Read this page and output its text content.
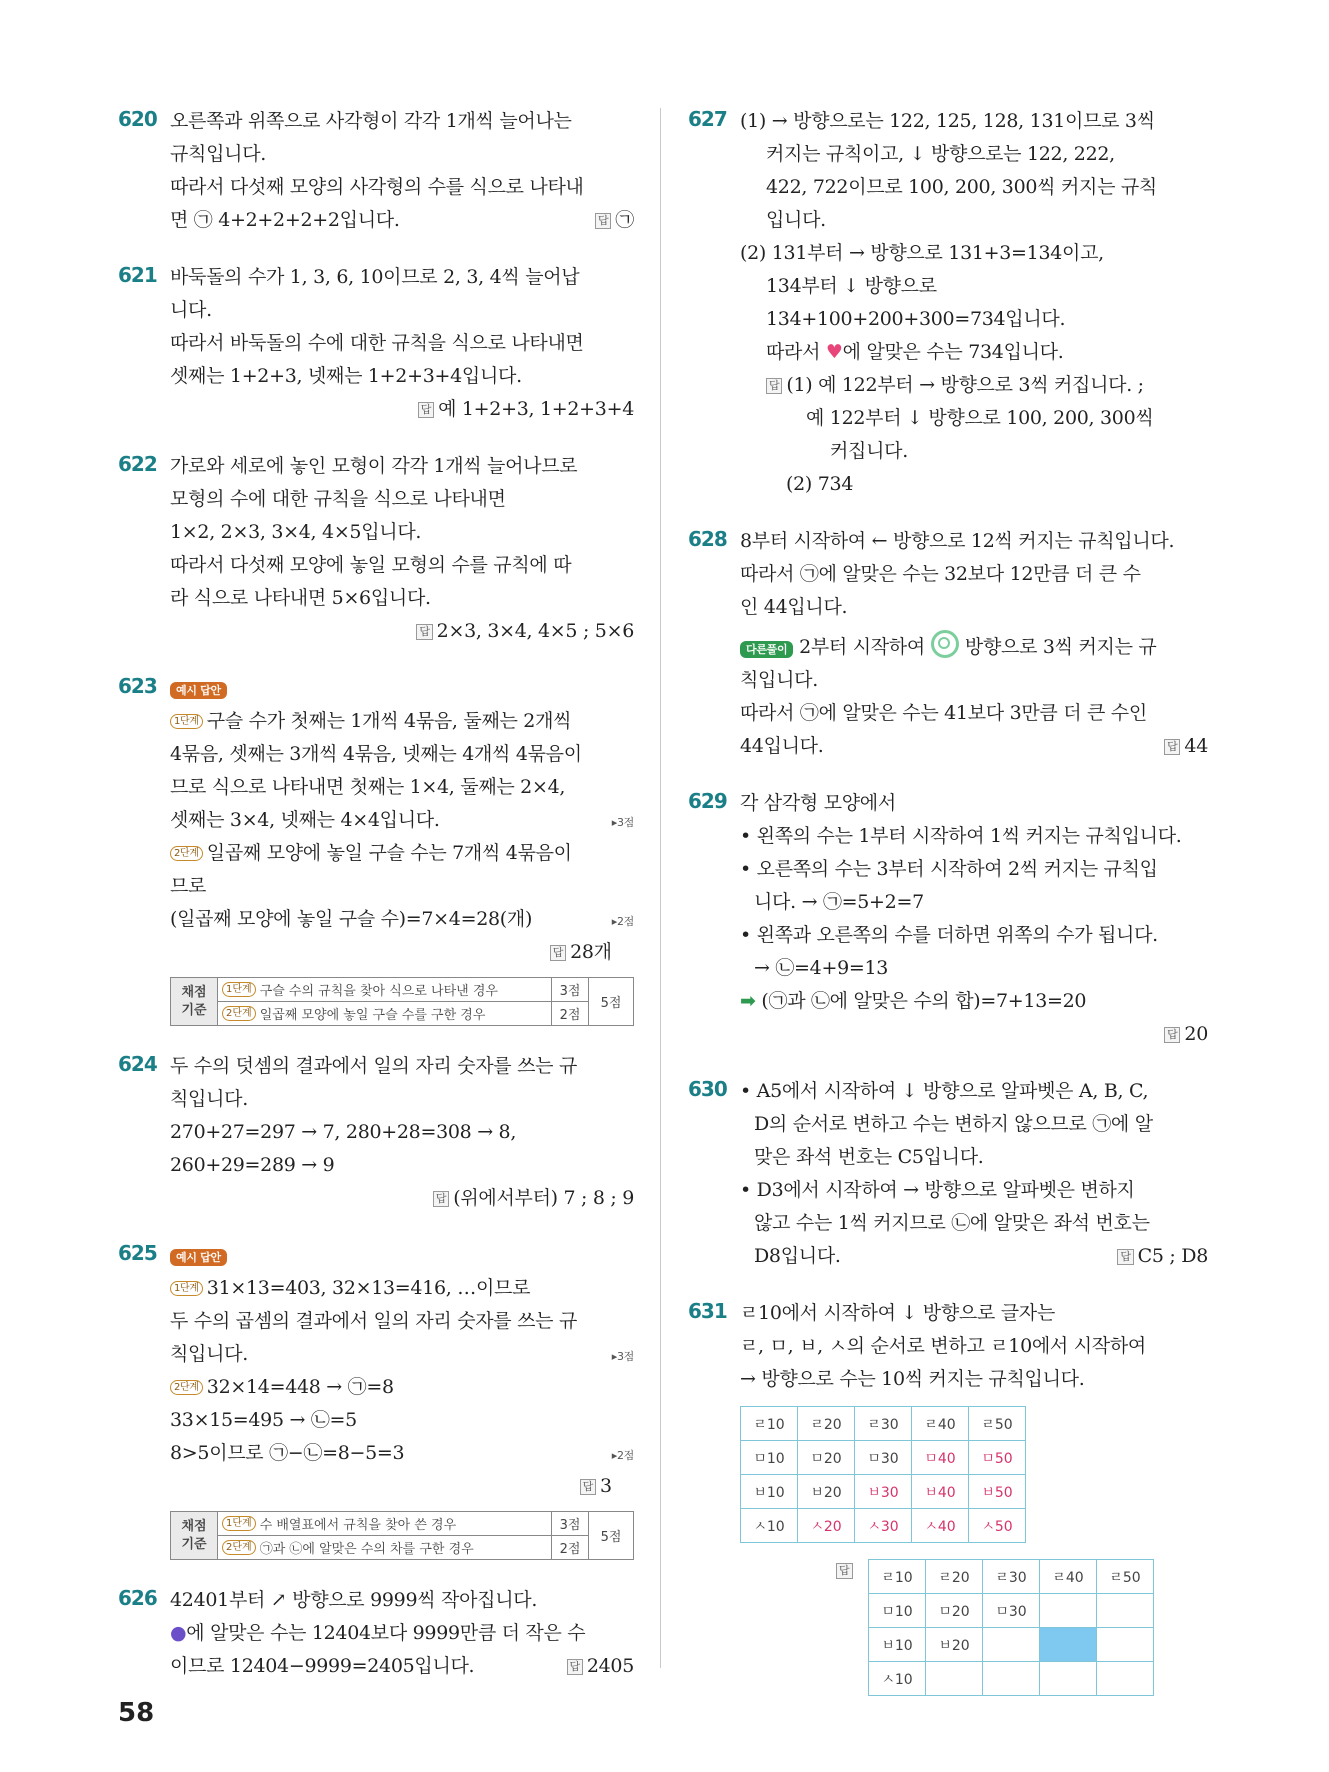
620 오른쪽과 위쪽으로 사각형이 각각 1개씩 늘어나는
규칙입니다.
따라서 다섯째 모양의 사각형의 수를 식으로 나타내
면 ㉠ 4+2+2+2+2입니다.	답 ㉠
621 바둑돌의 수가 1, 3, 6, 10이므로 2, 3, 4씩 늘어납
니다.
따라서 바둑돌의 수에 대한 규칙을 식으로 나타내면
셋째는 1+2+3, 넷째는 1+2+3+4입니다.
답 예 1+2+3, 1+2+3+4
622 가로와 세로에 놓인 모형이 각각 1개씩 늘어나므로
모형의 수에 대한 규칙을 식으로 나타내면
1×2, 2×3, 3×4, 4×5입니다.
따라서 다섯째 모양에 놓일 모형의 수를 규칙에 따
라 식으로 나타내면 5×6입니다.
답 2×3, 3×4, 4×5 ; 5×6
623	예시 답안
1단계 구슬 수가 첫째는 1개씩 4묶음, 둘째는 2개씩
4묶음, 셋째는 3개씩 4묶음, 넷째는 4개씩 4묶음이
므로 식으로 나타내면 첫째는 1×4, 둘째는 2×4,
셋째는 3×4, 넷째는 4×4입니다.	▸3점
2단계 일곱째 모양에 놓일 구슬 수는 7개씩 4묶음이
므로
(일곱째 모양에 놓일 구슬 수)=7×4=28(개)	▸2점
답 28개
채점
기준	1단계 구슬 수의 규칙을 찾아 식으로 나타낸 경우	3점	5점
	2단계 일곱째 모양에 놓일 구슬 수를 구한 경우	2점	
624 두 수의 덧셈의 결과에서 일의 자리 숫자를 쓰는 규
칙입니다.
270+27=297 → 7, 280+28=308 → 8,
260+29=289 → 9
답 (위에서부터) 7 ; 8 ; 9
625	예시 답안
1단계 31×13=403, 32×13=416, …이므로
두 수의 곱셈의 결과에서 일의 자리 숫자를 쓰는 규
칙입니다.	▸3점
2단계 32×14=448 → ㉠=8
33×15=495 → ㉡=5
8>5이므로 ㉠−㉡=8−5=3	▸2점
답 3
채점
기준	1단계 수 배열표에서 규칙을 찾아 쓴 경우	3점	5점
	2단계 ㉠과 ㉡에 알맞은 수의 차를 구한 경우	2점	
626 42401부터 ↗ 방향으로 9999씩 작아집니다.
●에 알맞은 수는 12404보다 9999만큼 더 작은 수
이므로 12404−9999=2405입니다.	답 2405
627 (1) → 방향으로는 122, 125, 128, 131이므로 3씩
커지는 규칙이고, ↓ 방향으로는 122, 222,
422, 722이므로 100, 200, 300씩 커지는 규칙
입니다.
(2) 131부터 → 방향으로 131+3=134이고,
134부터 ↓ 방향으로
134+100+200+300=734입니다.
따라서 ♥에 알맞은 수는 734입니다.
답 (1) 예 122부터 → 방향으로 3씩 커집니다. ;
예 122부터 ↓ 방향으로 100, 200, 300씩
커집니다.
(2) 734
628 8부터 시작하여 ← 방향으로 12씩 커지는 규칙입니다.
따라서 ㉠에 알맞은 수는 32보다 12만큼 더 큰 수
인 44입니다.
다른풀이 2부터 시작하여 방향으로 3씩 커지는 규
칙입니다.
따라서 ㉠에 알맞은 수는 41보다 3만큼 더 큰 수인
44입니다.	답 44
629 각 삼각형 모양에서
• 왼쪽의 수는 1부터 시작하여 1씩 커지는 규칙입니다.
• 오른쪽의 수는 3부터 시작하여 2씩 커지는 규칙입
니다. → ㉠=5+2=7
• 왼쪽과 오른쪽의 수를 더하면 위쪽의 수가 됩니다.
→ ㉡=4+9=13
➡ (㉠과 ㉡에 알맞은 수의 합)=7+13=20
답 20
630 • A5에서 시작하여 ↓ 방향으로 알파벳은 A, B, C,
D의 순서로 변하고 수는 변하지 않으므로 ㉠에 알
맞은 좌석 번호는 C5입니다.
• D3에서 시작하여 → 방향으로 알파벳은 변하지
않고 수는 1씩 커지므로 ㉡에 알맞은 좌석 번호는
D8입니다.	답 C5 ; D8
631 ㄹ10에서 시작하여 ↓ 방향으로 글자는
ㄹ, ㅁ, ㅂ, ㅅ의 순서로 변하고 ㄹ10에서 시작하여
→ 방향으로 수는 10씩 커지는 규칙입니다.
ㄹ10	ㄹ20	ㄹ30	ㄹ40	ㄹ50
ㅁ10	ㅁ20	ㅁ30	ㅁ40	ㅁ50
ㅂ10	ㅂ20	ㅂ30	ㅂ40	ㅂ50
ㅅ10	ㅅ20	ㅅ30	ㅅ40	ㅅ50
답 ㄹ10	ㄹ20	ㄹ30	ㄹ40	ㄹ50
ㅁ10	ㅁ20	ㅁ30		
ㅂ10	ㅂ20			
ㅅ10				
58
